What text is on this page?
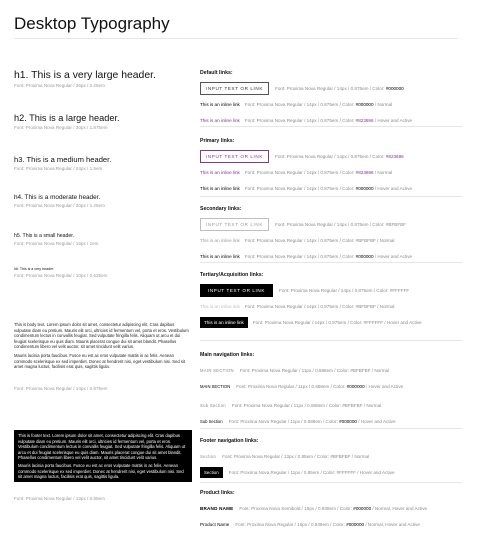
Desktop Typography
h1. This is a very large header.
Font: Proxima Nova Regular / 36px / 2.25em
h2. This is a large header.
Font: Proxima Nova Regular / 30px / 1.875em
h3. This is a medium header.
Font: Proxima Nova Regular / 24px / 1.5em
h4. This is a moderate header.
Font: Proxima Nova Regular / 20px / 1.25em
h5. This is a small header.
Font: Proxima Nova Regular / 16px / 1em
h6. This is a very header.
Font: Proxima Nova Regular / 10px / 0.625em

This is body text. Lorem ipsum dolor sit amet, consectetur adipiscing elit. Cras dapibus vulputate diam eu pretium. Mauris elit orci, ultricies id fermentum vel, porta et eros. Vestibulum condimentum lectus in convallis feugiat. Sed vulputate fringilla felis. Aliquam ut arcu et dui feugiat scelerisque eu quis diam. Mauris placerat congue dui sit amet blandit. Phasellus condimentum libero vel velit auctor, sit amet tincidunt velit varius.

Mauris lacinia porta faucibus. Fusce eu est ac eros vulputate mattis in ac felis. Aenean commodo scelerisque ex sed imperdiet. Donec at hendrerit nisi, eget vestibulum nisi. Sed sit amet magna luctus, facilisis erat quis, sagittis ligula.

Font: Proxima Nova Regular / 14px / 0.875em

This is footer text. Lorem ipsum dolor sit amet, consectetur adipiscing elit. Cras dapibus vulputate diam eu pretium. Mauris elit orci, ultricies id fermentum vel, porta et eros. Vestibulum condimentum lectus in convallis feugiat. Sed vulputate fringilla felis. Aliquam ut arcu et dui feugiat scelerisque eu quis diam. Mauris placerat congue dui sit amet blandit. Phasellus condimentum libero vel velit auctor, sit amet tincidunt velit varius.

Mauris lacinia porta faucibus. Fusce eu est ac eros vulputate mattis in ac felis. Aenean commodo scelerisque ex sed imperdiet. Donec at hendrerit nisi, eget vestibulum nisi. Sed sit amet magna luctus, facilisis erat quis, sagittis ligula.

Font: Proxima Nova Regular / 13px / 0.85em
Default links:
INPUT TEXT OR LINK	Font: Proxima Nova Regular / 14px / 0.875em / Color: #000000
This is an inline link Font: Proxima Nova Regular / 14px / 0.875em / Color: #000000 / Normal
This is an inline link Font: Proxima Nova Regular / 14px / 0.875em / Color: #823696 / Hover and Active
Primary links:
INPUT TEXT OR LINK	Font: Proxima Nova Regular / 14px / 0.875em / Color: #823696
This is an inline link Font: Proxima Nova Regular / 14px / 0.875em / Color: #823696 / Normal
This is an inline link Font: Proxima Nova Regular / 14px / 0.875em / Color: #000000 / Hover and Active
Secondary links:
INPUT TEXT OR LINK	Font: Proxima Nova Regular / 14px / 0.875em / Color: #BFBFBF
This is an inline link Font: Proxima Nova Regular / 14px / 0.875em / Color: #BFBFBF / Normal
This is an inline link Font: Proxima Nova Regular / 14px / 0.875em / Color: #000000 / Hover and Active
Tertiary/Acquisition links:
INPUT TEXT OR LINK	Font: Proxima Nova Regular / 14px / 0.875em / Color: #FFFFFF
This is an inline link Font: Proxima Nova Regular / 14px / 0.875em / Color: #BFBFBF / Normal
This is an inline link	Font: Proxima Nova Regular / 14px / 0.875em / Color: #FFFFFF / Hover and Active
Main navigation links:
MAIN SECTION Font: Proxima Nova Regular / 11px / 0.688em / Color: #BFBFBF / Normal
MAIN SECTION Font: Proxima Nova Regular / 11px / 0.688em / Color: #000000 / Hover and Active
Sub Section Font: Proxima Nova Regular / 11px / 0.688em / Color: #BFBFBF / Normal
Sub Section Font: Proxima Nova Regular / 11px / 0.688em / Color: #000000 / Hover and Active
Footer navigation links:
Section Font: Proxima Nova Regular / 13px / 0.85em / Color: #BFBFBF / Normal
Section	Font: Proxima Nova Regular / 11px / 0.85em / Color: #FFFFFF / Hover and Active
Product links:
BRAND NAME Font: Proxima Nova Semibold / 15px / 0.938em / Color: #000000 / Normal, Hover and Active
Product Name Font: Proxima Nova Regular / 15px / 0.938em / Color: #000000 / Normal, Hover and Active
